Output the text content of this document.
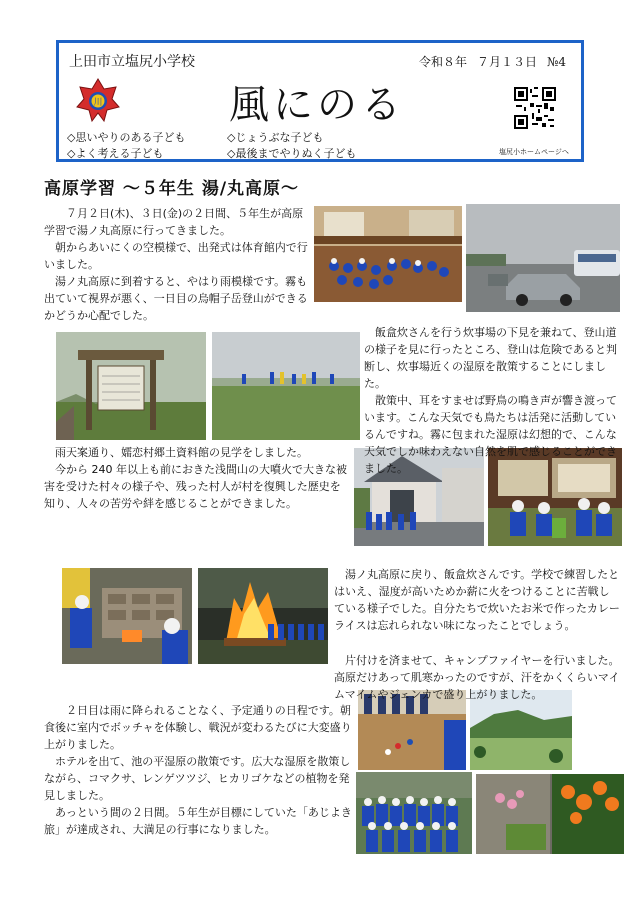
上田市立塩尻小学校	令和８年 ７月１３日 №4
川	風にのる
塩尻小ホームページへ
◇思いやりのある子ども	◇じょうぶな子ども
◇よく考える子ども	◇最後までやりぬく子ども
高原学習 〜５年生 湯/丸高原〜
７月２日(木)、３日(金)の２日間、５年生が高原学習で湯ノ丸高原に行ってきました。
朝からあいにくの空模様で、出発式は体育館内で行いました。
湯ノ丸高原に到着すると、やはり雨模様です。霧も出ていて視界が悪く、一日目の烏帽子岳登山ができるかどうか心配でした。
飯盒炊さんを行う炊事場の下見を兼ねて、登山道の様子を見に行ったところ、登山は危険であると判断し、炊事場近くの湿原を散策することにしました。
散策中、耳をすませば野鳥の鳴き声が響き渡っています。こんな天気でも鳥たちは活発に活動しているんですね。霧に包まれた湿原は幻想的で、こんな天気でしか味わえない自然を肌で感じることができました。
雨天案通り、嬬恋村郷土資料館の見学をしました。
今から 240 年以上も前におきた浅間山の大噴火で大きな被害を受けた村々の様子や、残った村人が村を復興した歴史を知り、人々の苦労や絆を感じることができました。
湯ノ丸高原に戻り、飯盒炊さんです。学校で練習したとはいえ、湿度が高いためか薪に火をつけることに苦戦している様子でした。自分たちで炊いたお米で作ったカレーライスは忘れられない味になったことでしょう。
片付けを済ませて、キャンプファイヤーを行いました。高原だけあって肌寒かったのですが、汗をかくくらいマイムマイムやジェンカで盛り上がりました。
２日目は雨に降られることなく、予定通りの日程です。朝食後に室内でボッチャを体験し、戦況が変わるたびに大変盛り上がりました。
ホテルを出て、池の平湿原の散策です。広大な湿原を散策しながら、コマクサ、レンゲツツジ、ヒカリゴケなどの植物を発見しました。
あっという間の２日間。５年生が目標にしていた「あじよき旅」が達成され、大満足の行事になりました。
